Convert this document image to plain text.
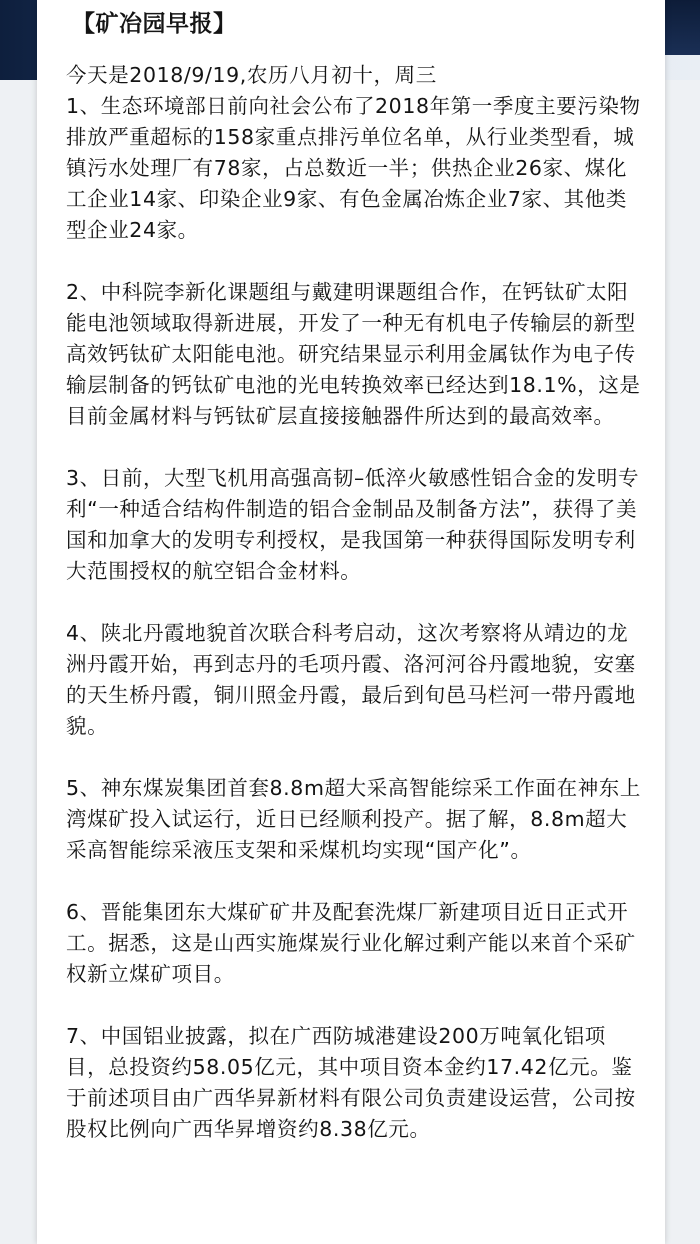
【矿冶园早报】

今天是2018/9/19,农历八月初十，周三

1、生态环境部日前向社会公布了2018年第一季度主要污染物排放严重超标的158家重点排污单位名单，从行业类型看，城镇污水处理厂有78家，占总数近一半；供热企业26家、煤化工企业14家、印染企业9家、有色金属冶炼企业7家、其他类型企业24家。

2、中科院李新化课题组与戴建明课题组合作，在钙钛矿太阳能电池领域取得新进展，开发了一种无有机电子传输层的新型高效钙钛矿太阳能电池。研究结果显示利用金属钛作为电子传输层制备的钙钛矿电池的光电转换效率已经达到18.1%，这是目前金属材料与钙钛矿层直接接触器件所达到的最高效率。

3、日前，大型飞机用高强高韧–低淬火敏感性铝合金的发明专利“一种适合结构件制造的铝合金制品及制备方法”，获得了美国和加拿大的发明专利授权，是我国第一种获得国际发明专利大范围授权的航空铝合金材料。

4、陕北丹霞地貌首次联合科考启动，这次考察将从靖边的龙洲丹霞开始，再到志丹的毛项丹霞、洛河河谷丹霞地貌，安塞的天生桥丹霞，铜川照金丹霞，最后到旬邑马栏河一带丹霞地貌。

5、神东煤炭集团首套8.8m超大采高智能综采工作面在神东上湾煤矿投入试运行，近日已经顺利投产。据了解，8.8m超大采高智能综采液压支架和采煤机均实现“国产化”。

6、晋能集团东大煤矿矿井及配套洗煤厂新建项目近日正式开工。据悉，这是山西实施煤炭行业化解过剩产能以来首个采矿权新立煤矿项目。

7、中国铝业披露，拟在广西防城港建设200万吨氧化铝项目，总投资约58.05亿元，其中项目资本金约17.42亿元。鉴于前述项目由广西华昇新材料有限公司负责建设运营，公司按股权比例向广西华昇增资约8.38亿元。
